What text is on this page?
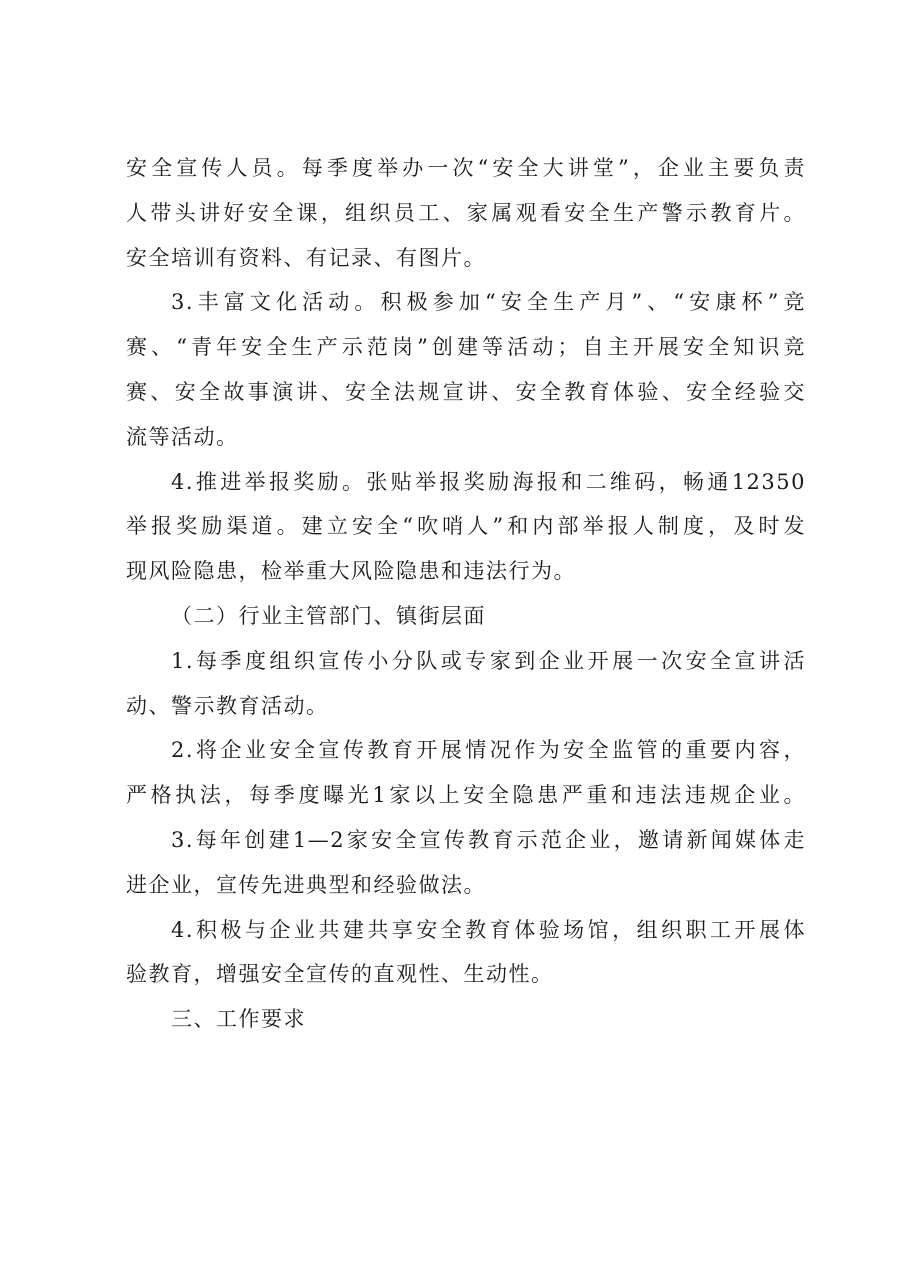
安全宣传人员。每季度举办一次“安全大讲堂”，企业主要负责
人带头讲好安全课，组织员工、家属观看安全生产警示教育片。
安全培训有资料、有记录、有图片。
3.丰富文化活动。积极参加“安全生产月”、“安康杯”竞
赛、“青年安全生产示范岗”创建等活动；自主开展安全知识竞
赛、安全故事演讲、安全法规宣讲、安全教育体验、安全经验交
流等活动。
4.推进举报奖励。张贴举报奖励海报和二维码，畅通12350
举报奖励渠道。建立安全“吹哨人”和内部举报人制度，及时发
现风险隐患，检举重大风险隐患和违法行为。
（二）行业主管部门、镇街层面
1.每季度组织宣传小分队或专家到企业开展一次安全宣讲活
动、警示教育活动。
2.将企业安全宣传教育开展情况作为安全监管的重要内容，
严格执法，每季度曝光1家以上安全隐患严重和违法违规企业。
3.每年创建1—2家安全宣传教育示范企业，邀请新闻媒体走
进企业，宣传先进典型和经验做法。
4.积极与企业共建共享安全教育体验场馆，组织职工开展体
验教育，增强安全宣传的直观性、生动性。
三、工作要求
